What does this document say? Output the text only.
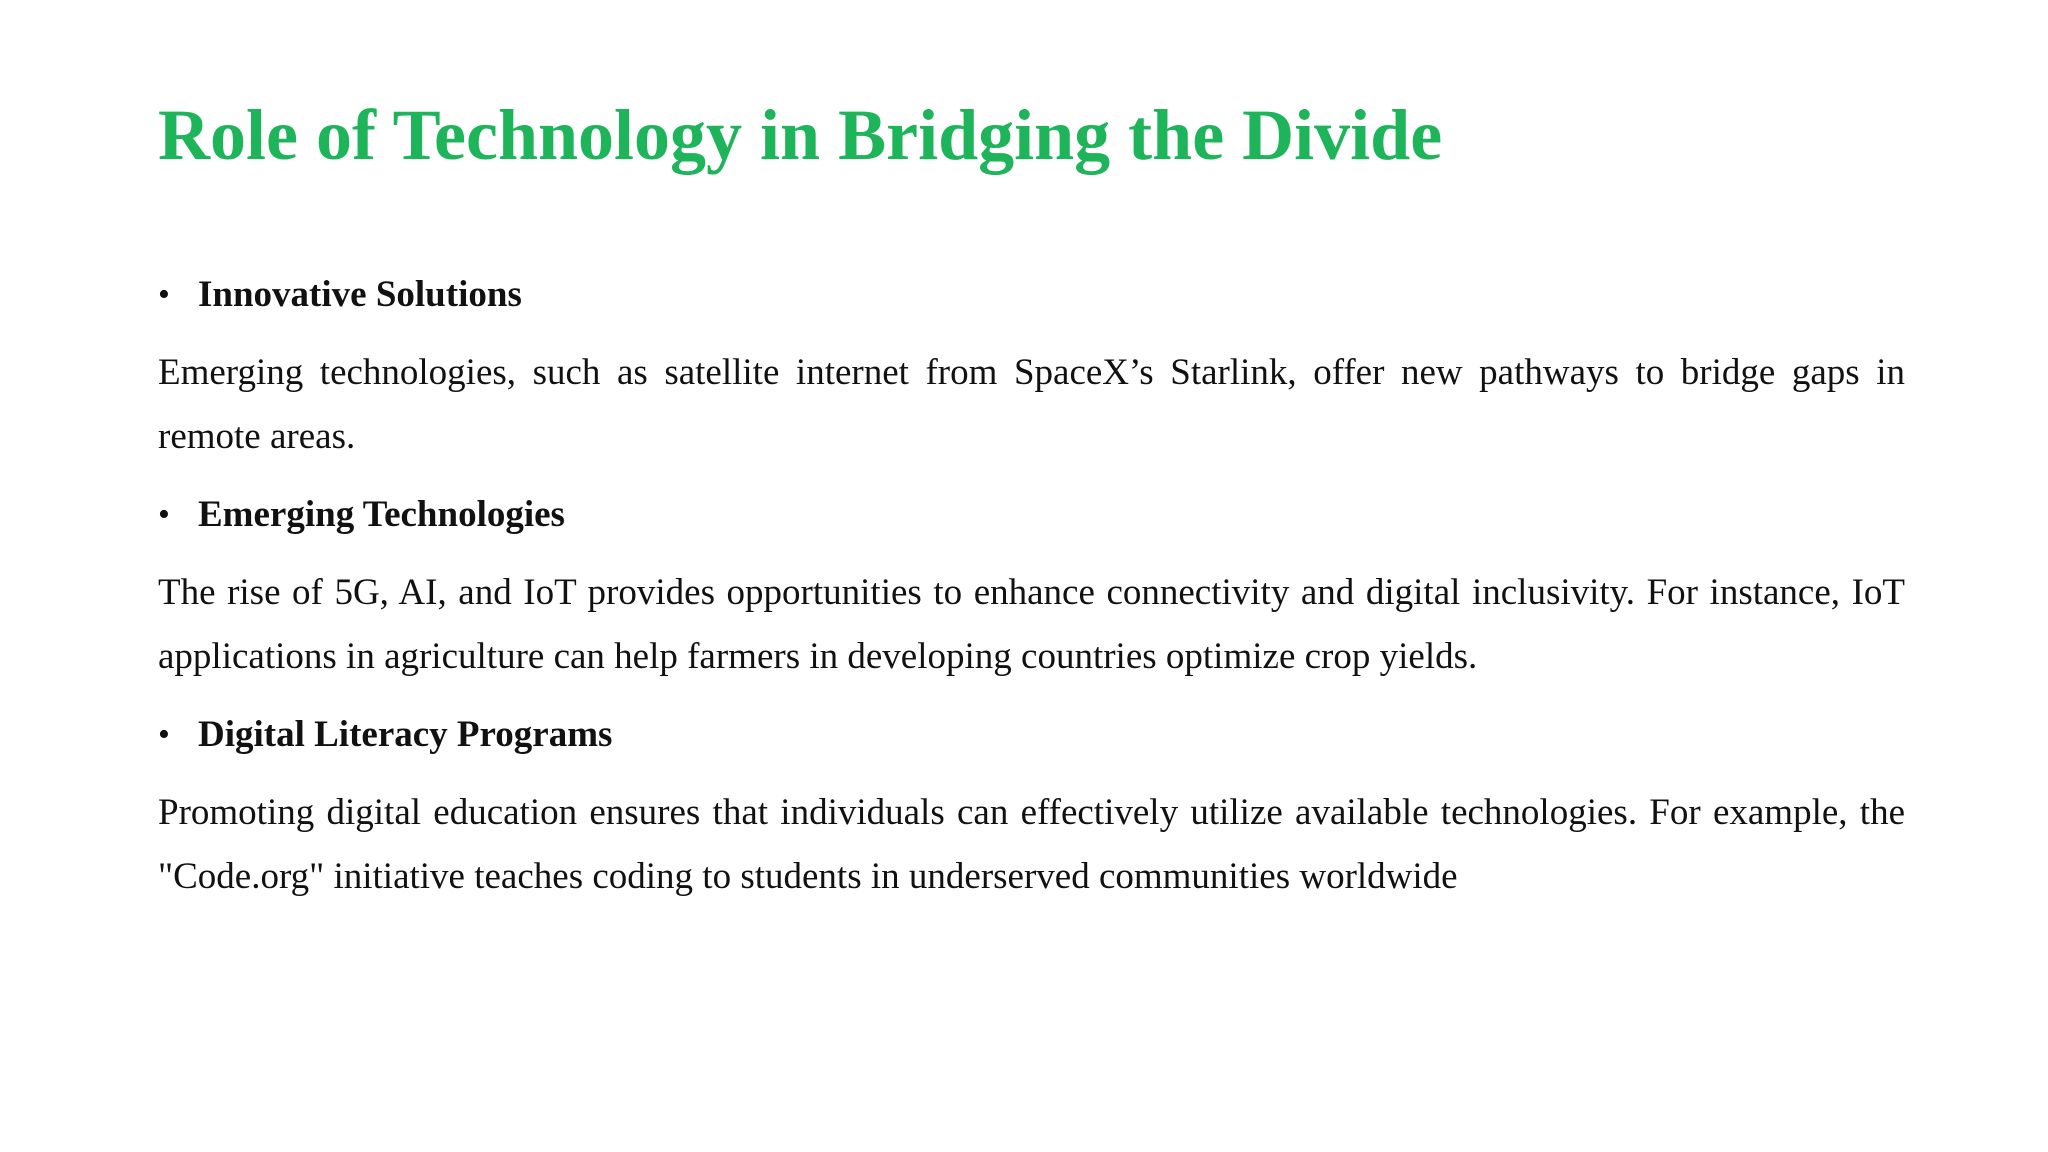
Role of Technology in Bridging the Divide
• Innovative Solutions

Emerging technologies, such as satellite internet from SpaceX’s Starlink, offer new pathways to bridge gaps in remote areas.

• Emerging Technologies

The rise of 5G, AI, and IoT provides opportunities to enhance connectivity and digital inclusivity. For instance, IoT applications in agriculture can help farmers in developing countries optimize crop yields.

• Digital Literacy Programs

Promoting digital education ensures that individuals can effectively utilize available technologies. For example, the "Code.org" initiative teaches coding to students in underserved communities worldwide
